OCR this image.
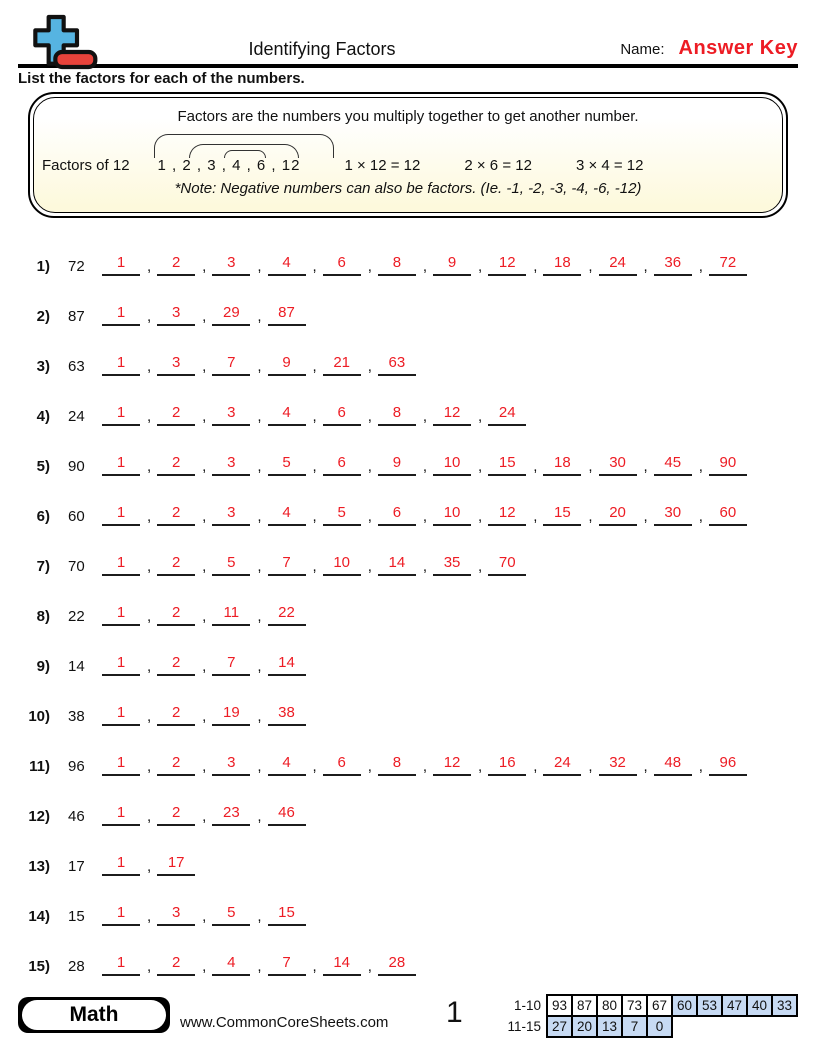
Identifying Factors	Name: Answer Key
List the factors for each of the numbers.
Factors are the numbers you multiply together to get another number.
Factors of 12 1 , 2 , 3 , 4 , 6 , 12	1 × 12 = 12	2 × 6 = 12	3 × 4 = 12
*Note: Negative numbers can also be factors. (Ie. -1, -2, -3, -4, -6, -12)
1) 72	1	,	2	,	3	,	4	,	6	,	8	,	9	,	12	,	18	,	24	,	36	,	72
2) 87	1	,	3	,	29	,	87
3) 63	1	,	3	,	7	,	9	,	21	,	63
4) 24	1	,	2	,	3	,	4	,	6	,	8	,	12	,	24
5) 90	1	,	2	,	3	,	5	,	6	,	9	,	10	,	15	,	18	,	30	,	45	,	90
6) 60	1	,	2	,	3	,	4	,	5	,	6	,	10	,	12	,	15	,	20	,	30	,	60
7) 70	1	,	2	,	5	,	7	,	10	,	14	,	35	,	70
8) 22	1	,	2	,	11	,	22
9) 14	1	,	2	,	7	,	14
10) 38	1	,	2	,	19	,	38
11) 96	1	,	2	,	3	,	4	,	6	,	8	,	12	,	16	,	24	,	32	,	48	,	96
12) 46	1	,	2	,	23	,	46
13) 17	1	,	17
14) 15	1	,	3	,	5	,	15
15) 28	1	,	2	,	4	,	7	,	14	,	28
Math	www.CommonCoreSheets.com 1	1-10	93	87	80	73	67	60	53	47	40	33
11-15	27	20	13	7	0					
